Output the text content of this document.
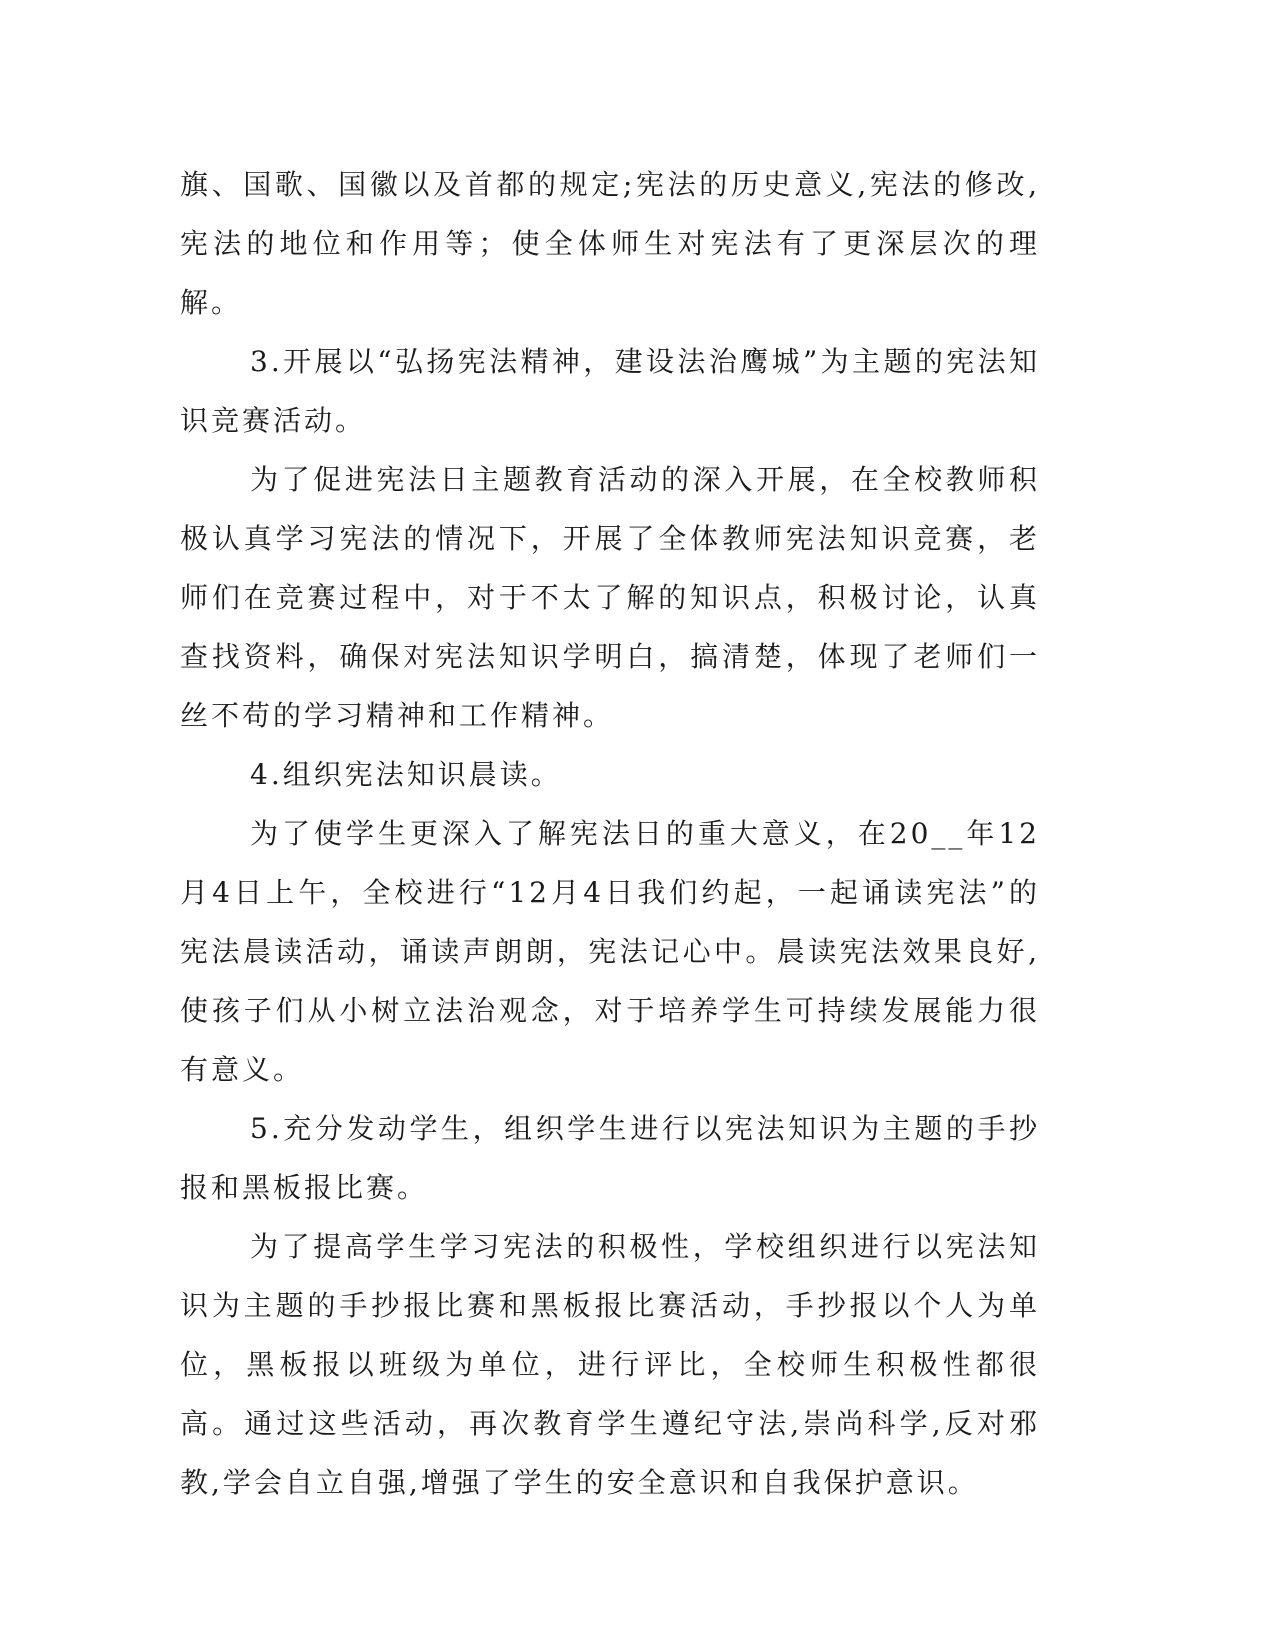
旗、国歌、国徽以及首都的规定;宪法的历史意义,宪法的修改,宪法的地位和作用等；使全体师生对宪法有了更深层次的理解。

3.开展以“弘扬宪法精神，建设法治鹰城”为主题的宪法知识竞赛活动。

为了促进宪法日主题教育活动的深入开展，在全校教师积极认真学习宪法的情况下，开展了全体教师宪法知识竞赛，老师们在竞赛过程中，对于不太了解的知识点，积极讨论，认真查找资料，确保对宪法知识学明白，搞清楚，体现了老师们一丝不苟的学习精神和工作精神。

4.组织宪法知识晨读。

为了使学生更深入了解宪法日的重大意义，在20__年12月4日上午，全校进行“12月4日我们约起，一起诵读宪法”的宪法晨读活动，诵读声朗朗，宪法记心中。晨读宪法效果良好,使孩子们从小树立法治观念，对于培养学生可持续发展能力很有意义。

5.充分发动学生，组织学生进行以宪法知识为主题的手抄报和黑板报比赛。

为了提高学生学习宪法的积极性，学校组织进行以宪法知识为主题的手抄报比赛和黑板报比赛活动，手抄报以个人为单位，黑板报以班级为单位，进行评比，全校师生积极性都很高。通过这些活动，再次教育学生遵纪守法,崇尚科学,反对邪教,学会自立自强,增强了学生的安全意识和自我保护意识。
